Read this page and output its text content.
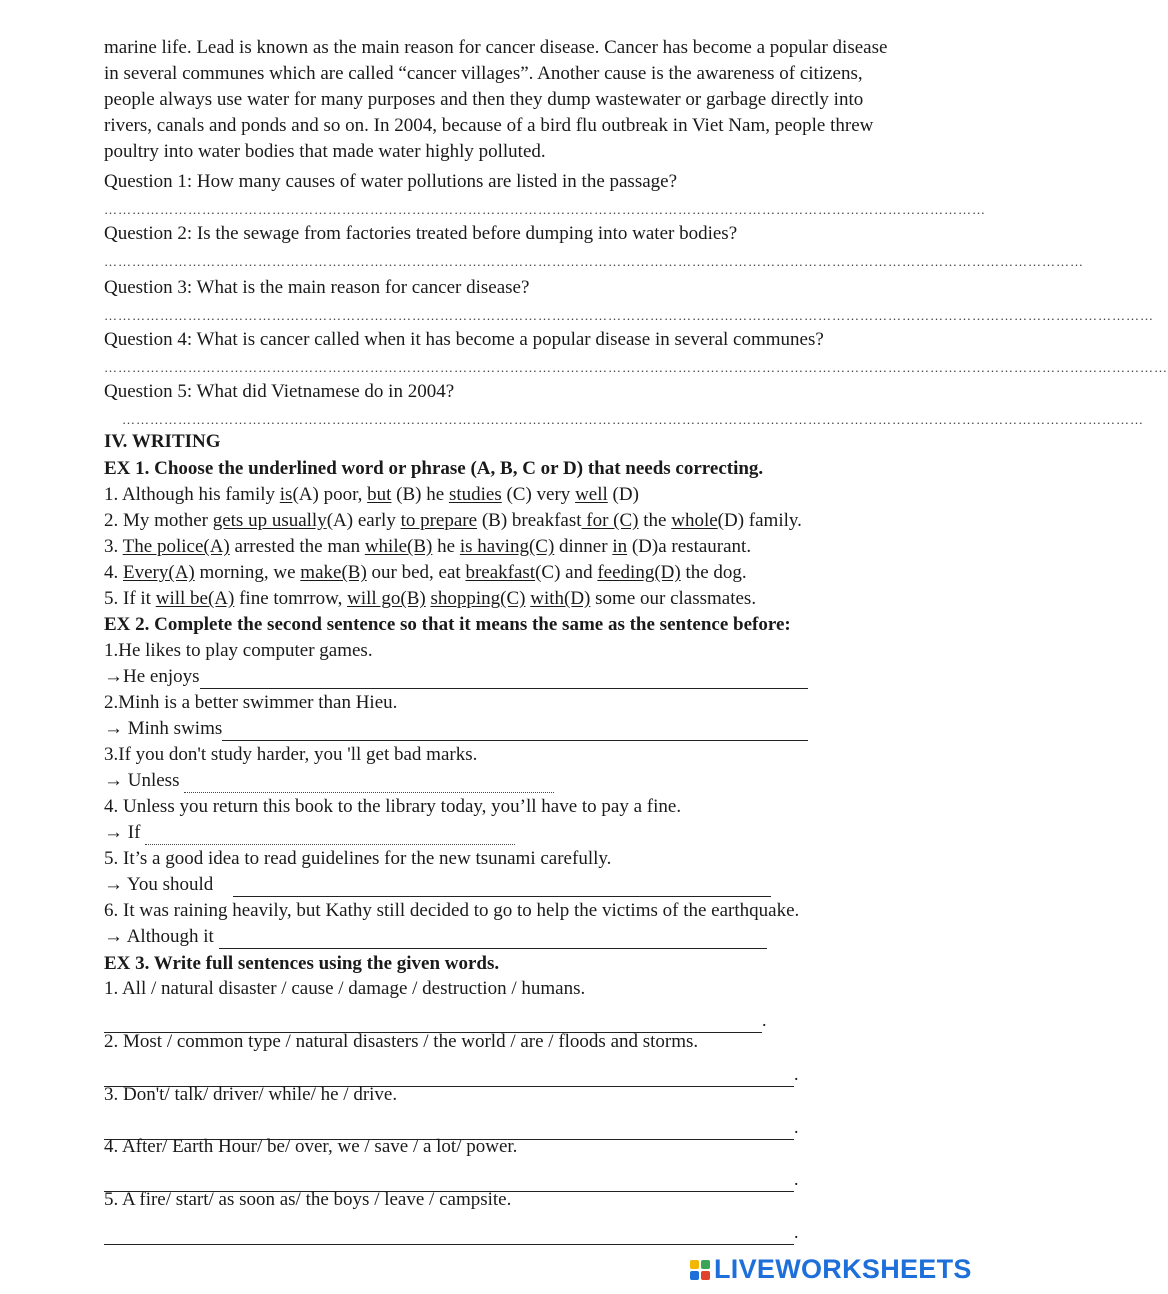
marine life. Lead is known as the main reason for cancer disease. Cancer has become a popular disease
in several communes which are called “cancer villages”. Another cause is the awareness of citizens,
people always use water for many purposes and then they dump wastewater or garbage directly into
rivers, canals and ponds and so on. In 2004, because of a bird flu outbreak in Viet Nam, people threw
poultry into water bodies that made water highly polluted.
Question 1: How many causes of water pollutions are listed in the passage?
………………………………………………………………………………………………………………………………………………………………………
Question 2: Is the sewage from factories treated before dumping into water bodies?
…………………………………………………………………………………………………………………………………………………………………………………………
Question 3: What is the main reason for cancer disease?
………………………………………………………………………………………………………………………………………………………………………………………………………
Question 4: What is cancer called when it has become a popular disease in several communes?
…………………………………………………………………………………………………………………………………………………………………………………………………………
Question 5: What did Vietnamese do in 2004?
…………………………………………………………………………………………………………………………………………………………………………………………………
IV. WRITING
EX 1. Choose the underlined word or phrase (A, B, C or D) that needs correcting.
1. Although his family is(A) poor, but (B) he studies (C) very well (D)
2. My mother gets up usually(A) early to prepare (B) breakfast for (C) the whole(D) family.
3. The police(A) arrested the man while(B) he is having(C) dinner in (D)a restaurant.
4. Every(A) morning, we make(B) our bed, eat breakfast(C) and feeding(D) the dog.
5. If it will be(A) fine tomrrow, will go(B) shopping(C) with(D) some our classmates.
EX 2. Complete the second sentence so that it means the same as the sentence before:
1.He likes to play computer games.
→He enjoys
2.Minh is a better swimmer than Hieu.
→ Minh swims
3.If you don't study harder, you 'll get bad marks.
→ Unless
4. Unless you return this book to the library today, you’ll have to pay a fine.
→ If
5. It’s a good idea to read guidelines for the new tsunami carefully.
→ You should
6. It was raining heavily, but Kathy still decided to go to help the victims of the earthquake.
→ Although it
EX 3. Write full sentences using the given words.
1. All / natural disaster / cause / damage / destruction / humans.
.
2. Most / common type / natural disasters / the world / are / floods and storms.
.
3. Don't/ talk/ driver/ while/ he / drive.
.
4. After/ Earth Hour/ be/ over, we / save / a lot/ power.
.
5. A fire/ start/ as soon as/ the boys / leave / campsite.
.
LIVEWORKSHEETS
